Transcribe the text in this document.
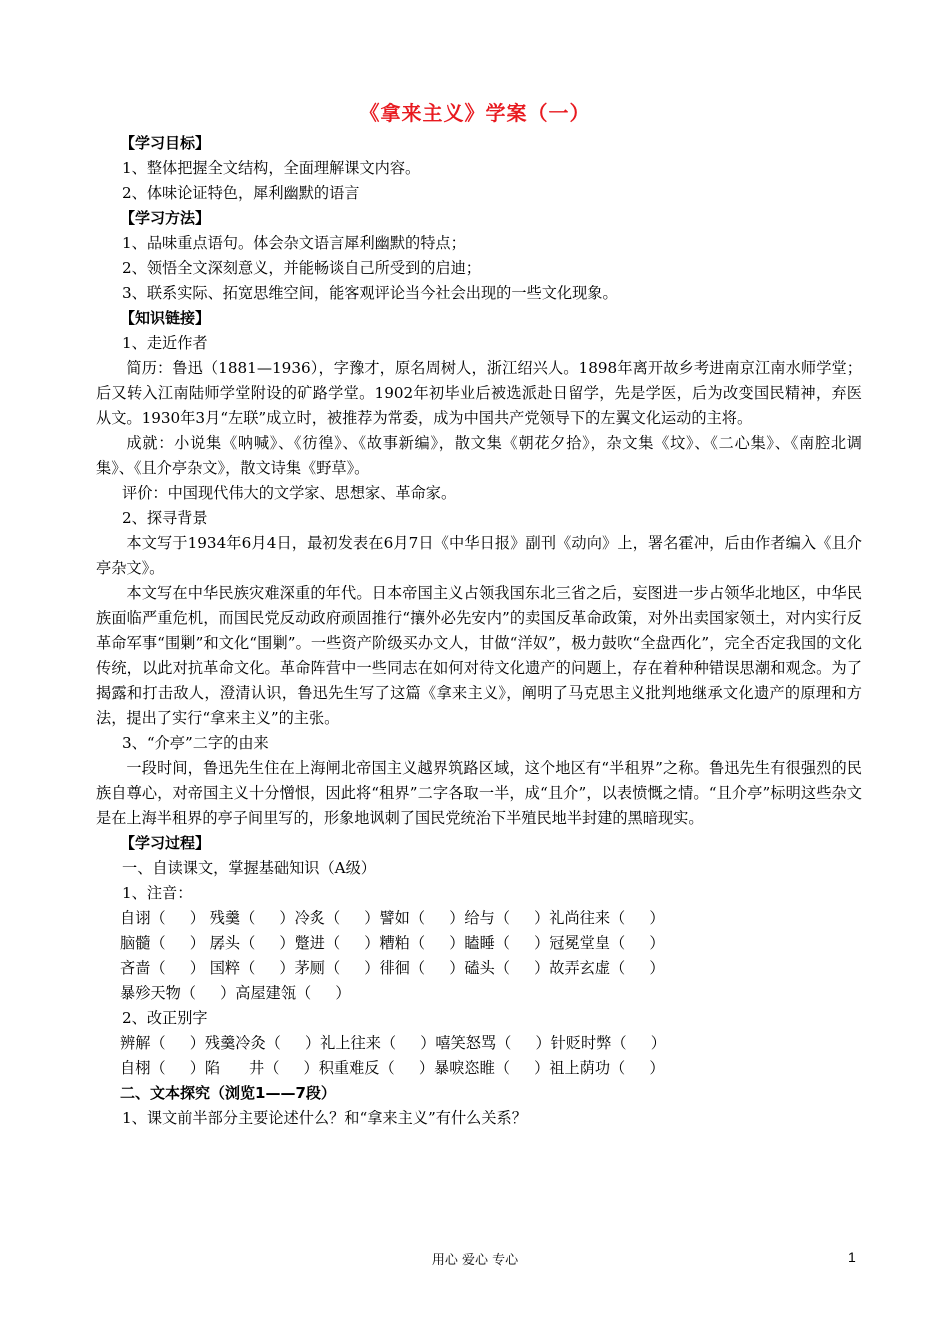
《拿来主义》学案（一）
【学习目标】
1、整体把握全文结构，全面理解课文内容。
2、体味论证特色，犀利幽默的语言
【学习方法】
1、品味重点语句。体会杂文语言犀利幽默的特点；
2、领悟全文深刻意义，并能畅谈自己所受到的启迪；
3、联系实际、拓宽思维空间，能客观评论当今社会出现的一些文化现象。
【知识链接】
1、走近作者
简历：鲁迅（1881—1936），字豫才，原名周树人，浙江绍兴人。1898年离开故乡考进南京江南水师学堂；后又转入江南陆师学堂附设的矿路学堂。1902年初毕业后被选派赴日留学，先是学医，后为改变国民精神，弃医从文。1930年3月“左联”成立时，被推荐为常委，成为中国共产党领导下的左翼文化运动的主将。
成就：小说集《呐喊》、《彷徨》、《故事新编》，散文集《朝花夕拾》，杂文集《坟》、《二心集》、《南腔北调集》、《且介亭杂文》，散文诗集《野草》。
评价：中国现代伟大的文学家、思想家、革命家。
2、探寻背景
本文写于1934年6月4日，最初发表在6月7日《中华日报》副刊《动向》上，署名霍冲，后由作者编入《且介亭杂文》。
本文写在中华民族灾难深重的年代。日本帝国主义占领我国东北三省之后，妄图进一步占领华北地区，中华民族面临严重危机，而国民党反动政府顽固推行“攘外必先安内”的卖国反革命政策，对外出卖国家领土，对内实行反革命军事“围剿”和文化“围剿”。一些资产阶级买办文人，甘做“洋奴”，极力鼓吹“全盘西化”，完全否定我国的文化传统，以此对抗革命文化。革命阵营中一些同志在如何对待文化遗产的问题上，存在着种种错误思潮和观念。为了揭露和打击敌人，澄清认识，鲁迅先生写了这篇《拿来主义》，阐明了马克思主义批判地继承文化遗产的原理和方法，提出了实行“拿来主义”的主张。
3、“介亭”二字的由来
一段时间，鲁迅先生住在上海闸北帝国主义越界筑路区域，这个地区有“半租界”之称。鲁迅先生有很强烈的民族自尊心，对帝国主义十分憎恨，因此将“租界”二字各取一半，成“且介”，以表愤慨之情。“且介亭”标明这些杂文是在上海半租界的亭子间里写的，形象地讽刺了国民党统治下半殖民地半封建的黑暗现实。
【学习过程】
一、自读课文，掌握基础知识（A级）
1、注音：
自诩（     ） 残羹（     ）冷炙（     ）譬如（     ）给与（     ）礼尚往来（     ）
脑髓（     ） 孱头（     ）蹩进（     ）糟粕（     ）瞌睡（     ）冠冕堂皇（     ）
吝啬（     ） 国粹（     ）茅厕（     ）徘徊（     ）磕头（     ）故弄玄虚（     ）
暴殄天物（     ）高屋建瓴（     ）
2、改正别字
辨解（     ）残羹冷灸（     ）礼上往来（     ）嘻笑怒骂（     ）针贬时弊（     ）
自栩（     ）陷      井（     ）积重难反（     ）暴唳恣睢（     ）祖上荫功（     ）
二、文本探究（浏览1——7段）
1、课文前半部分主要论述什么？和“拿来主义”有什么关系？
用心 爱心 专心	1
